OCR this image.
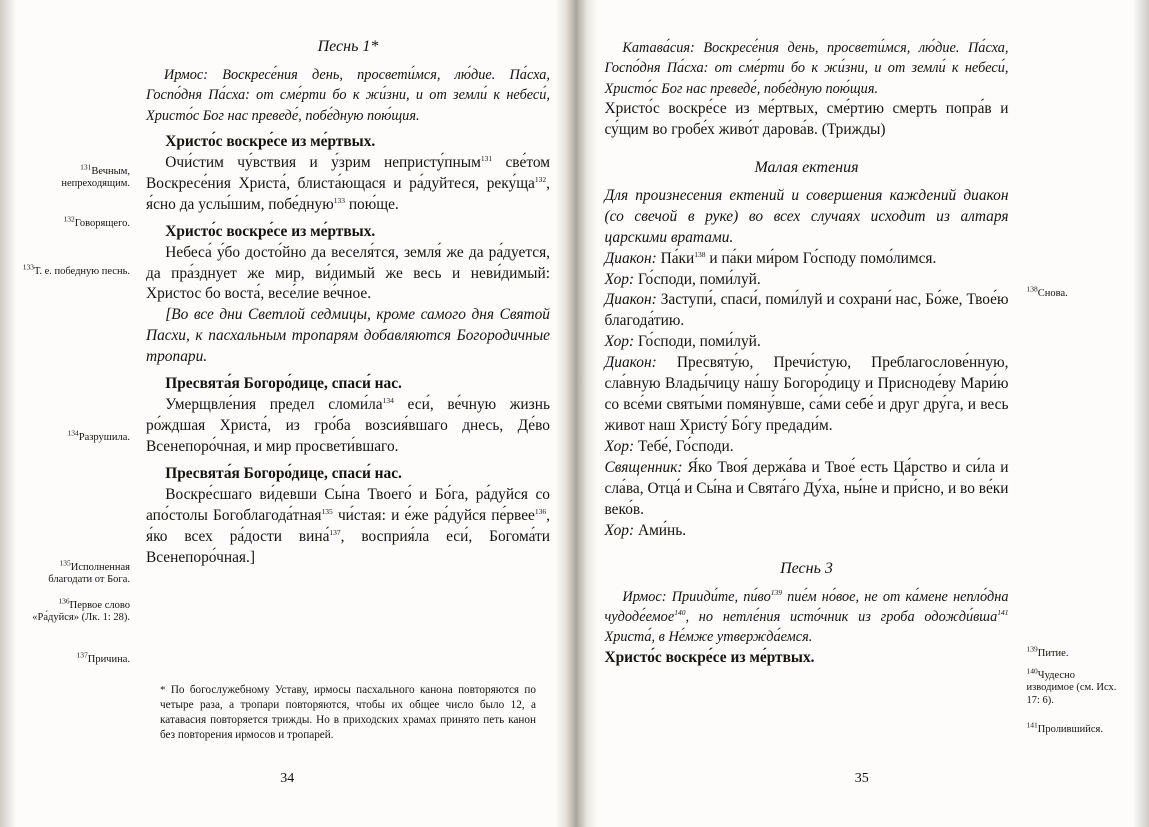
$^{131}$Вечным, непреходящим.
$^{132}$Говорящего.
$^{133}$Т. е. победную песнь.
$^{134}$Разрушила.
$^{135}$Исполненная благодати от Бога.
$^{136}$Первое слово «Ра́дуйся» (Лк. 1: 28).
$^{137}$Причина.
Песнь 1*

Ирмос: Воскресе́ния день, просвети́мся, лю́дие. Па́сха, Госпо́дня Па́сха: от сме́рти бо к жи́зни, и от земли́ к небеси́, Христо́с Бог нас преведе́, побе́дную пою́щия.

Христо́с воскре́се из ме́ртвых.

Очи́стим чу́вствия и у́зрим непристу́пным$^{131}$ све́том Воскресе́ния Христа́, блиста́ющася и ра́дуйтеся, $реку́ща^{132}$, я́сно да услы́шим, побе́дную$^{133}$ пою́ще.

Христо́с воскре́се из ме́ртвых.

Небеса́ у́бо досто́йно да веселя́тся, земля́ же да ра́дуется, да пра́зднует же мир, ви́димый же весь и неви́димый: Христос бо воста́, весе́лие ве́чное.

[Во все дни Светлой седмицы, кроме самого дня Святой Пасхи, к пасхальным тропарям добавляются Богородичные тропари.

Пресвята́я Богоро́дице, спаси́ нас.

Умерщвле́ния предел $сломи́ла^{134}$ еси́, ве́чную жизнь ро́ждшая Христа́, из гро́ба возсия́вшаго днесь, Де́во Всенепоро́чная, и мир просвети́вшаго.

Пресвята́я Богоро́дице, спаси́ нас.

Воскре́сшаго ви́девши Сы́на Твоего́ и Бо́га, ра́дуйся со апо́столы Богоблагода́тная$^{135}$ чи́стая: и е́же ра́дуйся пе́рвее$^{136}$, я́ко всех ра́дости вина́$^{137}$, восприя́ла еси́, Богома́ти Всенепоро́чная.]

* По богослужебному Уставу, ирмосы пасхального канона повторяются по четыре раза, а тропари повторяются, чтобы их общее число было 12, а катавасия повторяется трижды. Но в приходских храмах принято петь канон без повторения ирмосов и тропарей.
34
$^{138}$Снова.
$^{139}$Питие.
$^{140}$Чудесно изводимое (см. Исх. 17: 6).
$^{141}$Пролившийся.

Катава́сия: Воскресе́ния день, просвети́мся, лю́дие. Па́сха, Госпо́дня Па́сха: от сме́рти бо к жи́зни, и от земли́ к небеси́, Христо́с Бог нас преведе́, побе́дную пою́щия.

Христо́с воскре́се из ме́ртвых, сме́ртию смерть попра́в и су́щим во гробе́х живо́т дарова́в. (Трижды)

Малая ектения

Для произнесения ектений и совершения каждений диакон (со свечой в руке) во всех случаях исходит из алтаря царскими вратами.

Диакон: $Па́ки^{138}$ и па́ки ми́ром Го́споду помо́лимся.

Хор: Го́споди, поми́луй.

Диакон: Заступи́, спаси́, поми́луй и сохрани́ нас, Бо́же, Твое́ю благода́тию.

Хор: Го́споди, поми́луй.

Диакон: Пресвяту́ю, Пречи́стую, Преблагослове́нную, сла́вную Влады́чицу на́шу Богоро́дицу и Присноде́ву Мари́ю со все́ми святы́ми помяну́вше, са́ми себе́ и друг дру́га, и весь живот наш Христу́ Бо́гу предади́м.

Хор: Тебе́, Го́споди.

Священник: Я́ко Твоя́ держа́ва и Твое́ есть Ца́рство и си́ла и сла́ва, Отца́ и Сы́на и Свята́го Ду́ха, ны́не и при́сно, и во ве́ки веко́в.

Хор: Ами́нь.

Песнь 3

Ирмос: Прииди́те, $пи́во^{139}$ пие́м но́вое, не от ка́мене непло́дна чудоде́емое$^{140}$, но нетле́ния исто́чник из гроба одожди́вша$^{141}$ Христа́, в Не́мже утвержда́емся.

Христо́с воскре́се из ме́ртвых.

35
